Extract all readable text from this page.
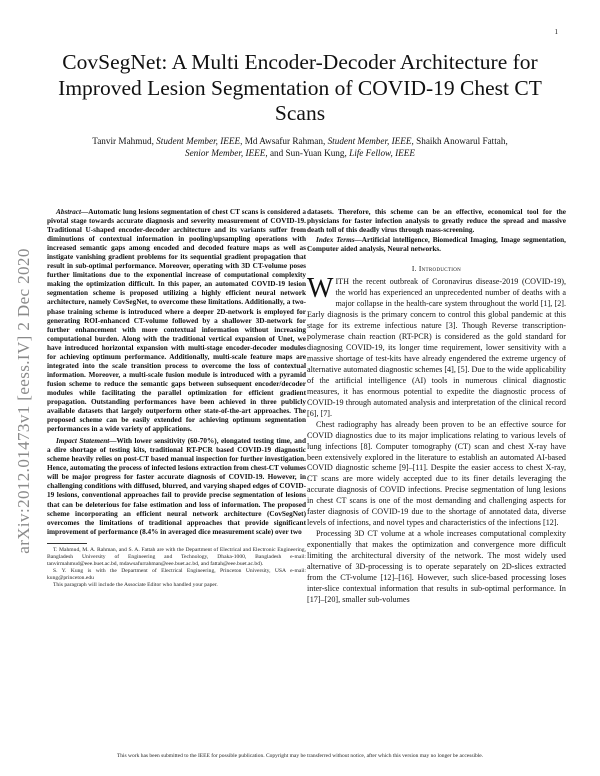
1
arXiv:2012.01473v1 [eess.IV] 2 Dec 2020
CovSegNet: A Multi Encoder-Decoder Architecture for Improved Lesion Segmentation of COVID-19 Chest CT Scans
Tanvir Mahmud, Student Member, IEEE, Md Awsafur Rahman, Student Member, IEEE, Shaikh Anowarul Fattah,
Senior Member, IEEE, and Sun-Yuan Kung, Life Fellow, IEEE

Abstract—Automatic lung lesions segmentation of chest CT scans is considered a pivotal stage towards accurate diagnosis and severity measurement of COVID-19. Traditional U-shaped encoder-decoder architecture and its variants suffer from diminutions of contextual information in pooling/upsampling operations with increased semantic gaps among encoded and decoded feature maps as well as instigate vanishing gradient problems for its sequential gradient propagation that result in sub-optimal performance. Moreover, operating with 3D CT-volume poses further limitations due to the exponential increase of computational complexity making the optimization difficult. In this paper, an automated COVID-19 lesion segmentation scheme is proposed utilizing a highly efficient neural network architecture, namely CovSegNet, to overcome these limitations. Additionally, a two-phase training scheme is introduced where a deeper 2D-network is employed for generating ROI-enhanced CT-volume followed by a shallower 3D-network for further enhancement with more contextual information without increasing computational burden. Along with the traditional vertical expansion of Unet, we have introduced horizontal expansion with multi-stage encoder-decoder modules for achieving optimum performance. Additionally, multi-scale feature maps are integrated into the scale transition process to overcome the loss of contextual information. Moreover, a multi-scale fusion module is introduced with a pyramid fusion scheme to reduce the semantic gaps between subsequent encoder/decoder modules while facilitating the parallel optimization for efficient gradient propagation. Outstanding performances have been achieved in three publicly available datasets that largely outperform other state-of-the-art approaches. The proposed scheme can be easily extended for achieving optimum segmentation performances in a wide variety of applications.

Impact Statement—With lower sensitivity (60-70%), elongated testing time, and a dire shortage of testing kits, traditional RT-PCR based COVID-19 diagnostic scheme heavily relies on post-CT based manual inspection for further investigation. Hence, automating the process of infected lesions extraction from chest-CT volumes will be major progress for faster accurate diagnosis of COVID-19. However, in challenging conditions with diffused, blurred, and varying shaped edges of COVID-19 lesions, conventional approaches fail to provide precise segmentation of lesions that can be deleterious for false estimation and loss of information. The proposed scheme incorporating an efficient neural network architecture (CovSegNet) overcomes the limitations of traditional approaches that provide significant improvement of performance (8.4% in averaged dice measurement scale) over two

T. Mahmud, M. A. Rahman, and S. A. Fattah are with the Department of Electrical and Electronic Engineering, Bangladesh University of Engineering and Technology, Dhaka-1000, Bangladesh e-mail: tanvirmahmud@eee.buet.ac.bd, mdawsafurrahman@eee.buet.ac.bd, and fattah@eee.buet.ac.bd).

S. Y. Kung is with the Department of Electrical Engineering, Princeton University, USA e-mail: kung@princeton.edu

This paragraph will include the Associate Editor who handled your paper.

datasets. Therefore, this scheme can be an effective, economical tool for the physicians for faster infection analysis to greatly reduce the spread and massive death toll of this deadly virus through mass-screening.

Index Terms—Artificial intelligence, Biomedical Imaging, Image segmentation, Computer aided analysis, Neural networks.

I. Introduction

WITH the recent outbreak of Coronavirus disease-2019 (COVID-19), the world has experienced an unprecedented number of deaths with a major collapse in the health-care system throughout the world [1], [2]. Early diagnosis is the primary concern to control this global pandemic at this stage for its extreme infectious nature [3]. Though Reverse transcription-polymerase chain reaction (RT-PCR) is considered as the gold standard for diagnosing COVID-19, its longer time requirement, lower sensitivity with a massive shortage of test-kits have already engendered the extreme urgency of alternative automated diagnostic schemes [4], [5]. Due to the wide applicability of the artificial intelligence (AI) tools in numerous clinical diagnostic measures, it has enormous potential to expedite the diagnostic process of COVID-19 through automated analysis and interpretation of the clinical record [6], [7].

Chest radiography has already been proven to be an effective source for COVID diagnostics due to its major implications relating to various levels of lung infections [8]. Computer tomography (CT) scan and chest X-ray have been extensively explored in the literature to establish an automated AI-based COVID diagnostic scheme [9]–[11]. Despite the easier access to chest X-ray, CT scans are more widely accepted due to its finer details leveraging the accurate diagnosis of COVID infections. Precise segmentation of lung lesions in chest CT scans is one of the most demanding and challenging aspects for faster diagnosis of COVID-19 due to the shortage of annotated data, diverse levels of infections, and novel types and characteristics of the infections [12].

Processing 3D CT volume at a whole increases computational complexity exponentially that makes the optimization and convergence more difficult limiting the architectural diversity of the network. The most widely used alternative of 3D-processing is to operate separately on 2D-slices extracted from the CT-volume [12]–[16]. However, such slice-based processing loses inter-slice contextual information that results in sub-optimal performance. In [17]–[20], smaller sub-volumes

This work has been submitted to the IEEE for possible publication. Copyright may be transferred without notice, after which this version may no longer be accessible.
